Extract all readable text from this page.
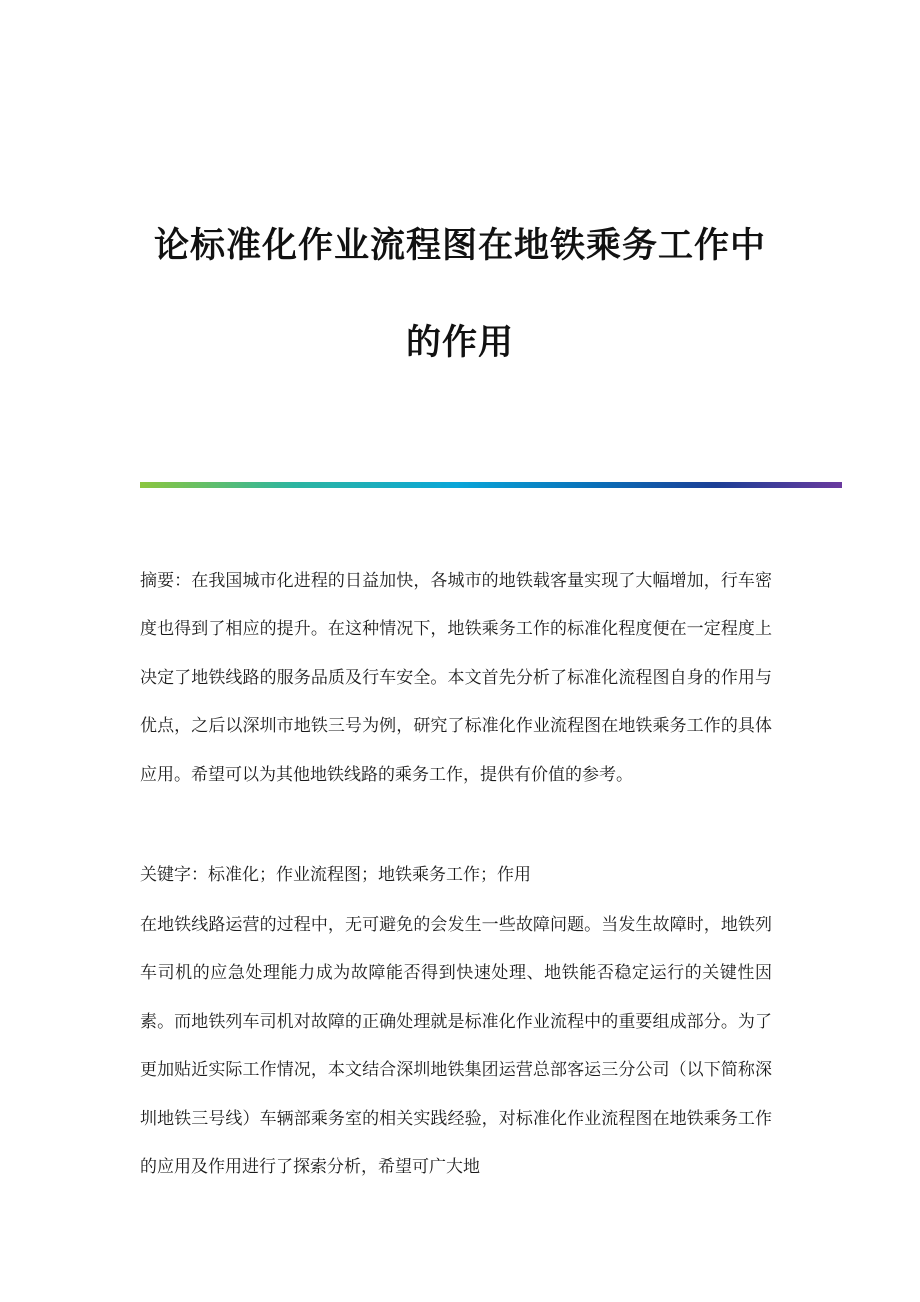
论标准化作业流程图在地铁乘务工作中
的作用

摘要：在我国城市化进程的日益加快，各城市的地铁载客量实现了大幅增加，行车密度也得到了相应的提升。在这种情况下，地铁乘务工作的标准化程度便在一定程度上决定了地铁线路的服务品质及行车安全。本文首先分析了标准化流程图自身的作用与优点，之后以深圳市地铁三号为例，研究了标准化作业流程图在地铁乘务工作的具体应用。希望可以为其他地铁线路的乘务工作，提供有价值的参考。

关键字：标准化；作业流程图；地铁乘务工作；作用

在地铁线路运营的过程中，无可避免的会发生一些故障问题。当发生故障时，地铁列车司机的应急处理能力成为故障能否得到快速处理、地铁能否稳定运行的关键性因素。而地铁列车司机对故障的正确处理就是标准化作业流程中的重要组成部分。为了更加贴近实际工作情况，本文结合深圳地铁集团运营总部客运三分公司（以下简称深圳地铁三号线）车辆部乘务室的相关实践经验，对标准化作业流程图在地铁乘务工作的应用及作用进行了探索分析，希望可广大地
